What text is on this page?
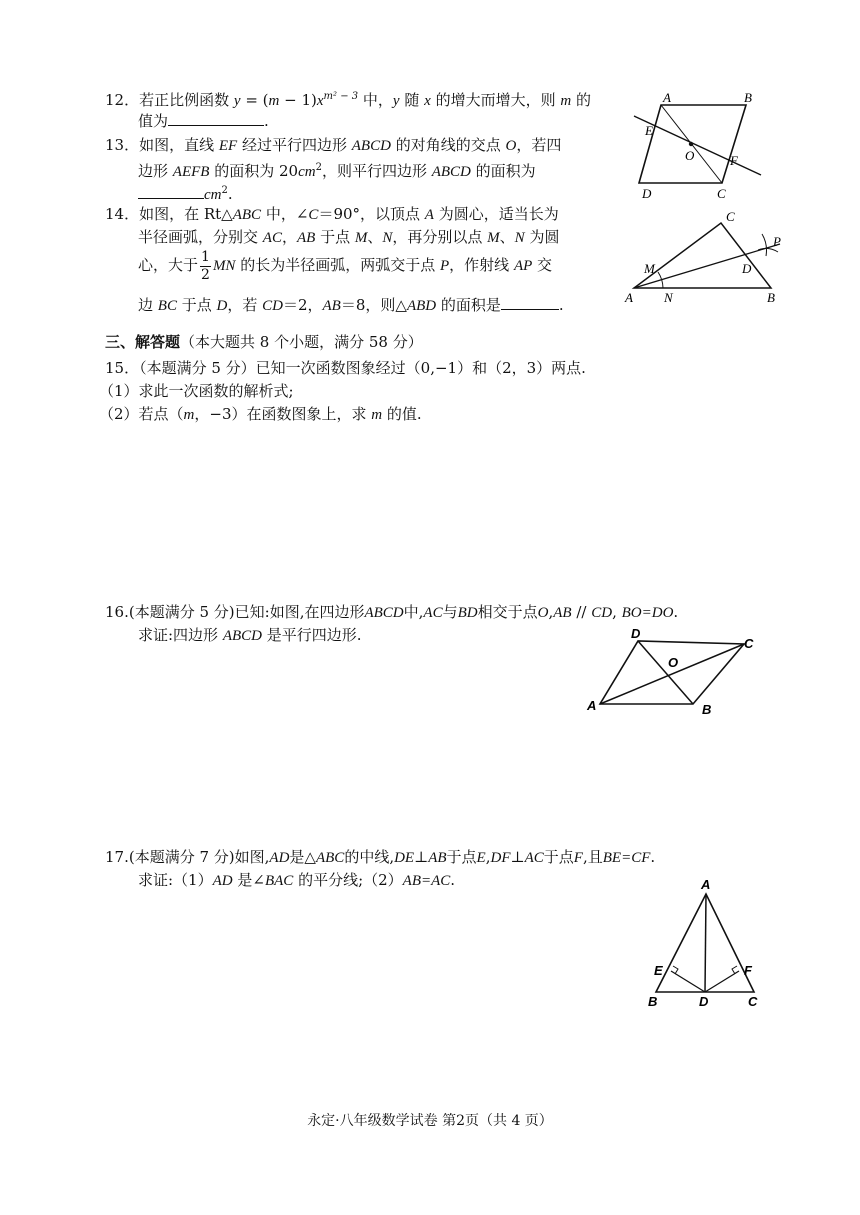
12．若正比例函数 $y = (m - 1)x^{m^2 - 3}$ 中，y 随 x 的增大而增大，则 m 的
值为	.
13．如图，直线 EF 经过平行四边形 ABCD 的对角线的交点 O，若四
边形 AEFB 的面积为 $20cm^2$，则平行四边形 ABCD 的面积为
$cm^2$.
14．如图，在 Rt△ABC 中，∠C＝90°，以顶点 A 为圆心，适当长为
半径画弧，分别交 AC，AB 于点 M、N，再分别以点 M、N 为圆
心，大于 $\frac{1}{2}$ MN 的长为半径画弧，两弧交于点 P，作射线 AP 交
边 BC 于点 D，若 CD＝2，AB＝8，则△ABD 的面积是	.
三、解答题（本大题共 8 个小题，满分 58 分）
15．（本题满分 5 分）已知一次函数图象经过（0,−1）和（2，3）两点.
（1）求此一次函数的解析式;
（2）若点（m，−3）在函数图象上，求 m 的值.
16.(本题满分 5 分)已知:如图,在四边形ABCD中,AC与BD相交于点O,AB // CD, BO=DO.
求证:四边形 ABCD 是平行四边形.
17.(本题满分 7 分)如图,AD是△ABC的中线,DE⊥AB于点E,DF⊥AC于点F,且BE=CF.
求证:（1）AD 是∠BAC 的平分线;（2）AB=AC.
A	B
C
D
E
F
O
C
A	B
D
M
N
P
D
C
A	B
O
A
B	D	C
E	F
永定·八年级数学试卷 第2页（共 4 页）
